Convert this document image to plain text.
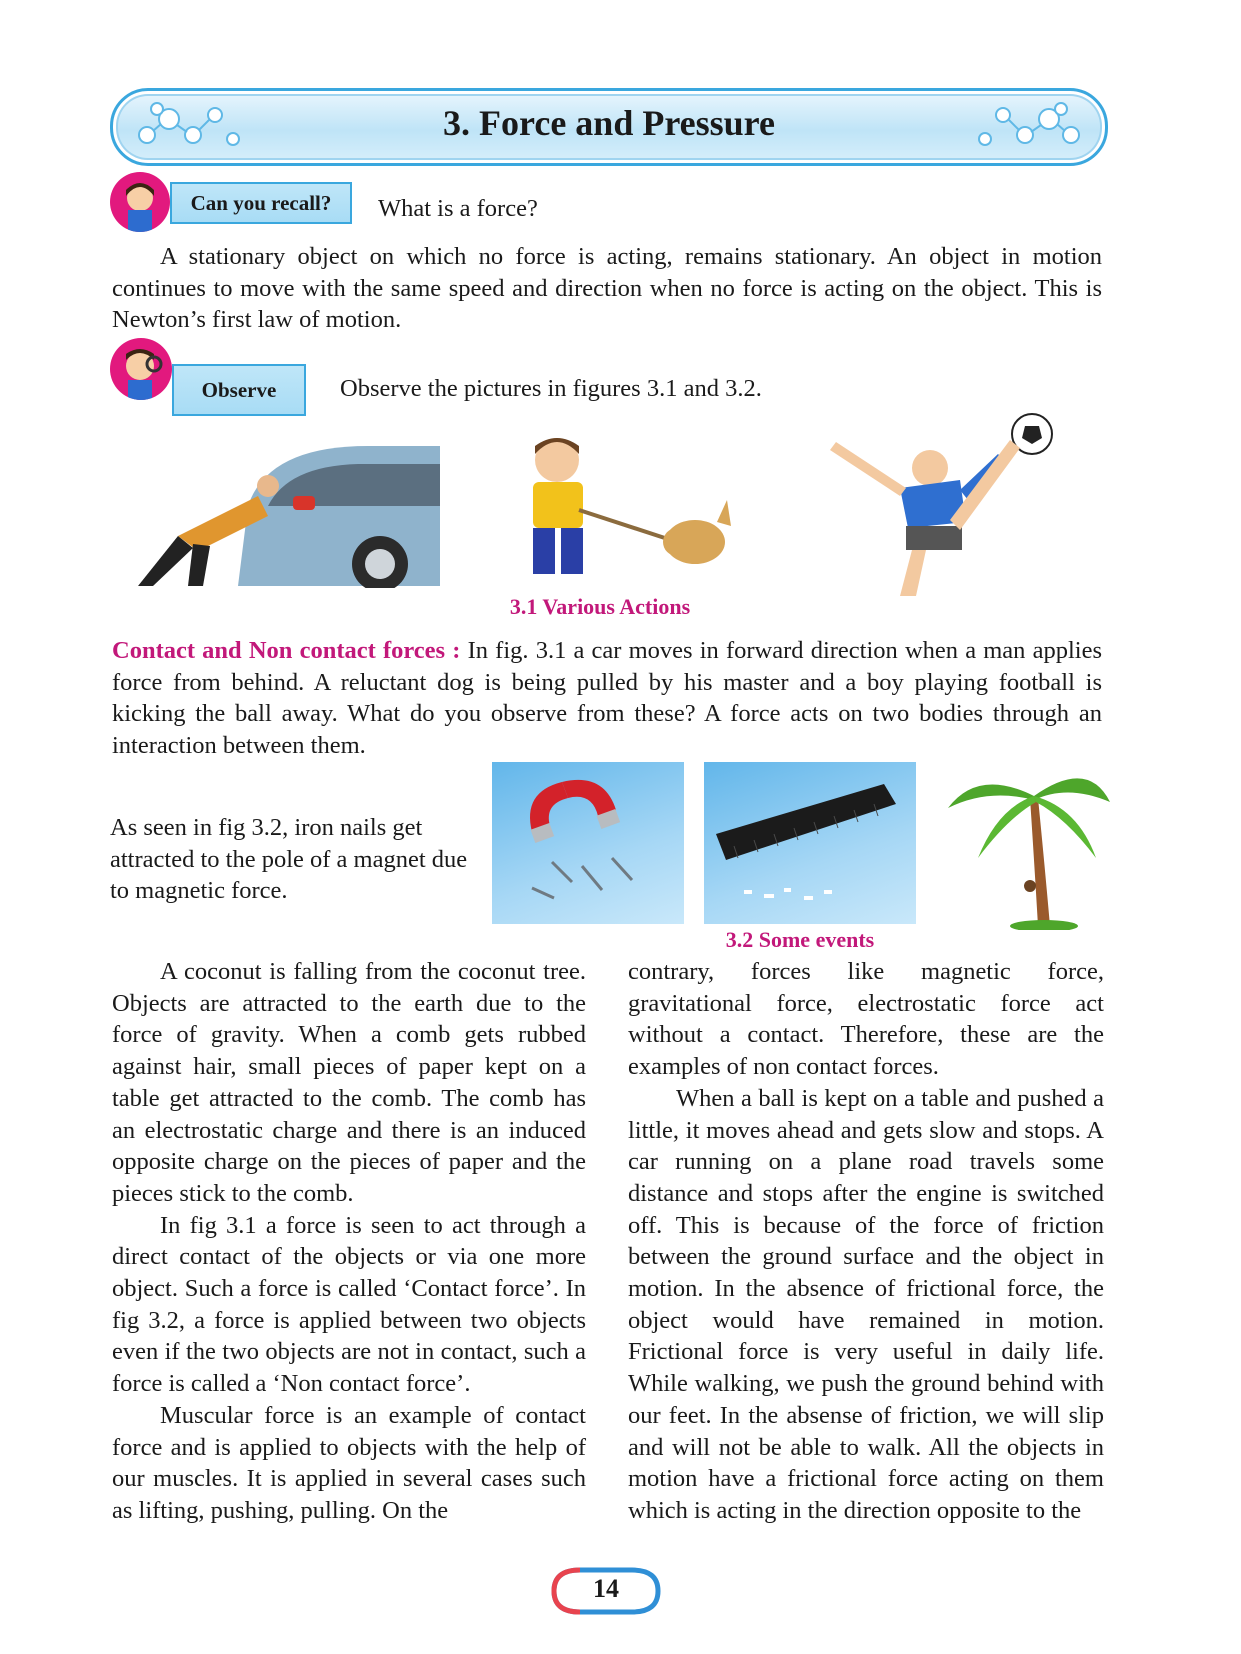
3. Force and Pressure
Can you recall?	What is a force?

A stationary object on which no force is acting, remains stationary. An object in motion continues to move with the same speed and direction when no force is acting on the object. This is Newton’s first law of motion.

Observe	Observe the pictures in figures 3.1 and 3.2.
3.1 Various Actions

Contact and Non contact forces : In fig. 3.1 a car moves in forward direction when a man applies force from behind. A reluctant dog is being pulled by his master and a boy playing football is kicking the ball away. What do you observe from these? A force acts on two bodies through an interaction between them.

As seen in fig 3.2, iron nails get attracted to the pole of a magnet due to magnetic force.

3.2 Some events

A coconut is falling from the coconut tree. Objects are attracted to the earth due to the force of gravity. When a comb gets rubbed against hair, small pieces of paper kept on a table get attracted to the comb. The comb has an electrostatic charge and there is an induced opposite charge on the pieces of paper and the pieces stick to the comb.

In fig 3.1 a force is seen to act through a direct contact of the objects or via one more object. Such a force is called ‘Contact force’. In fig 3.2, a force is applied between two objects even if the two objects are not in contact, such a force is called a ‘Non contact force’.

Muscular force is an example of contact force and is applied to objects with the help of our muscles. It is applied in several cases such as lifting, pushing, pulling. On the

contrary, forces like magnetic force, gravitational force, electrostatic force act without a contact. Therefore, these are the examples of non contact forces.

When a ball is kept on a table and pushed a little, it moves ahead and gets slow and stops. A car running on a plane road travels some distance and stops after the engine is switched off. This is because of the force of friction between the ground surface and the object in motion. In the absence of frictional force, the object would have remained in motion. Frictional force is very useful in daily life. While walking, we push the ground behind with our feet. In the absense of friction, we will slip and will not be able to walk. All the objects in motion have a frictional force acting on them which is acting in the direction opposite to the

14
